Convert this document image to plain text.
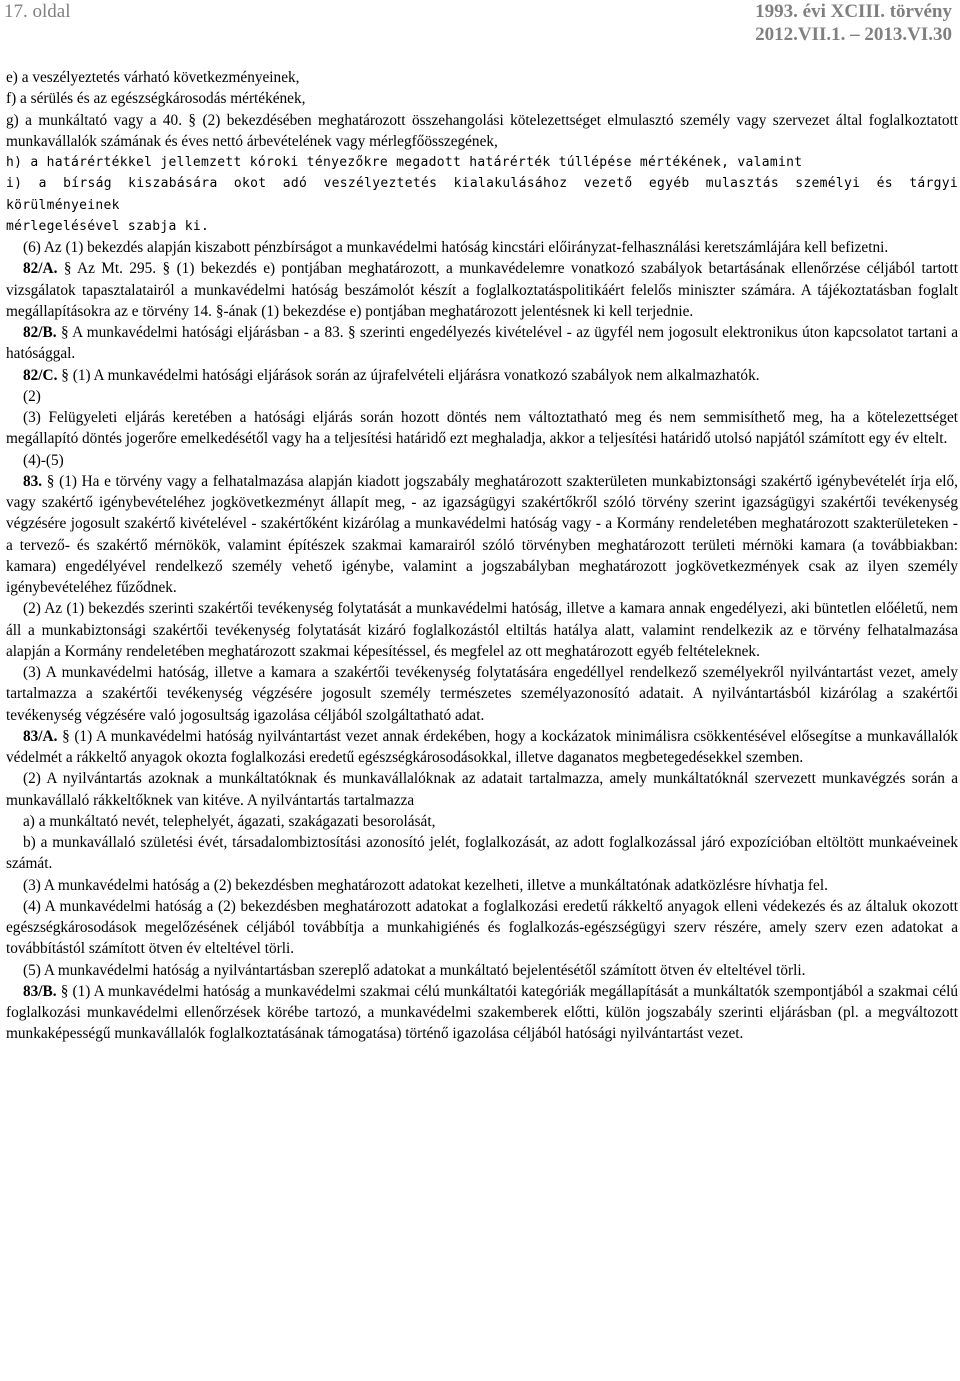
17. oldal	1993. évi XCIII. törvény
2012.VII.1. – 2013.VI.30

e) a veszélyeztetés várható következményeinek,

f) a sérülés és az egészségkárosodás mértékének,

g) a munkáltató vagy a 40. § (2) bekezdésében meghatározott összehangolási kötelezettséget elmulasztó személy vagy szervezet által foglalkoztatott munkavállalók számának és éves nettó árbevételének vagy mérlegfőösszegének,

h) a határértékkel jellemzett kóroki tényezőkre megadott határérték túllépése mértékének, valamint

i) a bírság kiszabására okot adó veszélyeztetés kialakulásához vezető egyéb mulasztás személyi és tárgyi körülményeinek

mérlegelésével szabja ki.

(6) Az (1) bekezdés alapján kiszabott pénzbírságot a munkavédelmi hatóság kincstári előirányzat-felhasználási keretszámlájára kell befizetni.

82/A. § Az Mt. 295. § (1) bekezdés e) pontjában meghatározott, a munkavédelemre vonatkozó szabályok betartásának ellenőrzése céljából tartott vizsgálatok tapasztalatairól a munkavédelmi hatóság beszámolót készít a foglalkoztatáspolitikáért felelős miniszter számára. A tájékoztatásban foglalt megállapításokra az e törvény 14. §-ának (1) bekezdése e) pontjában meghatározott jelentésnek ki kell terjednie.

82/B. § A munkavédelmi hatósági eljárásban - a 83. § szerinti engedélyezés kivételével - az ügyfél nem jogosult elektronikus úton kapcsolatot tartani a hatósággal.

82/C. § (1) A munkavédelmi hatósági eljárások során az újrafelvételi eljárásra vonatkozó szabályok nem alkalmazhatók.

(2)

(3) Felügyeleti eljárás keretében a hatósági eljárás során hozott döntés nem változtatható meg és nem semmisíthető meg, ha a kötelezettséget megállapító döntés jogerőre emelkedésétől vagy ha a teljesítési határidő ezt meghaladja, akkor a teljesítési határidő utolsó napjától számított egy év eltelt.

(4)-(5)

83. § (1) Ha e törvény vagy a felhatalmazása alapján kiadott jogszabály meghatározott szakterületen munkabiztonsági szakértő igénybevételét írja elő, vagy szakértő igénybevételéhez jogkövetkezményt állapít meg, - az igazságügyi szakértőkről szóló törvény szerint igazságügyi szakértői tevékenység végzésére jogosult szakértő kivételével - szakértőként kizárólag a munkavédelmi hatóság vagy - a Kormány rendeletében meghatározott szakterületeken - a tervező- és szakértő mérnökök, valamint építészek szakmai kamarairól szóló törvényben meghatározott területi mérnöki kamara (a továbbiakban: kamara) engedélyével rendelkező személy vehető igénybe, valamint a jogszabályban meghatározott jogkövetkezmények csak az ilyen személy igénybevételéhez fűződnek.

(2) Az (1) bekezdés szerinti szakértői tevékenység folytatását a munkavédelmi hatóság, illetve a kamara annak engedélyezi, aki büntetlen előéletű, nem áll a munkabiztonsági szakértői tevékenység folytatását kizáró foglalkozástól eltiltás hatálya alatt, valamint rendelkezik az e törvény felhatalmazása alapján a Kormány rendeletében meghatározott szakmai képesítéssel, és megfelel az ott meghatározott egyéb feltételeknek.

(3) A munkavédelmi hatóság, illetve a kamara a szakértői tevékenység folytatására engedéllyel rendelkező személyekről nyilvántartást vezet, amely tartalmazza a szakértői tevékenység végzésére jogosult személy természetes személyazonosító adatait. A nyilvántartásból kizárólag a szakértői tevékenység végzésére való jogosultság igazolása céljából szolgáltatható adat.

83/A. § (1) A munkavédelmi hatóság nyilvántartást vezet annak érdekében, hogy a kockázatok minimálisra csökkentésével elősegítse a munkavállalók védelmét a rákkeltő anyagok okozta foglalkozási eredetű egészségkárosodásokkal, illetve daganatos megbetegedésekkel szemben.

(2) A nyilvántartás azoknak a munkáltatóknak és munkavállalóknak az adatait tartalmazza, amely munkáltatóknál szervezett munkavégzés során a munkavállaló rákkeltőknek van kitéve. A nyilvántartás tartalmazza

a) a munkáltató nevét, telephelyét, ágazati, szakágazati besorolását,

b) a munkavállaló születési évét, társadalombiztosítási azonosító jelét, foglalkozását, az adott foglalkozással járó expozícióban eltöltött munkaéveinek számát.

(3) A munkavédelmi hatóság a (2) bekezdésben meghatározott adatokat kezelheti, illetve a munkáltatónak adatközlésre hívhatja fel.

(4) A munkavédelmi hatóság a (2) bekezdésben meghatározott adatokat a foglalkozási eredetű rákkeltő anyagok elleni védekezés és az általuk okozott egészségkárosodások megelőzésének céljából továbbítja a munkahigiénés és foglalkozás-egészségügyi szerv részére, amely szerv ezen adatokat a továbbítástól számított ötven év elteltével törli.

(5) A munkavédelmi hatóság a nyilvántartásban szereplő adatokat a munkáltató bejelentésétől számított ötven év elteltével törli.

83/B. § (1) A munkavédelmi hatóság a munkavédelmi szakmai célú munkáltatói kategóriák megállapítását a munkáltatók szempontjából a szakmai célú foglalkozási munkavédelmi ellenőrzések körébe tartozó, a munkavédelmi szakemberek előtti, külön jogszabály szerinti eljárásban (pl. a megváltozott munkaképességű munkavállalók foglalkoztatásának támogatása) történő igazolása céljából hatósági nyilvántartást vezet.
